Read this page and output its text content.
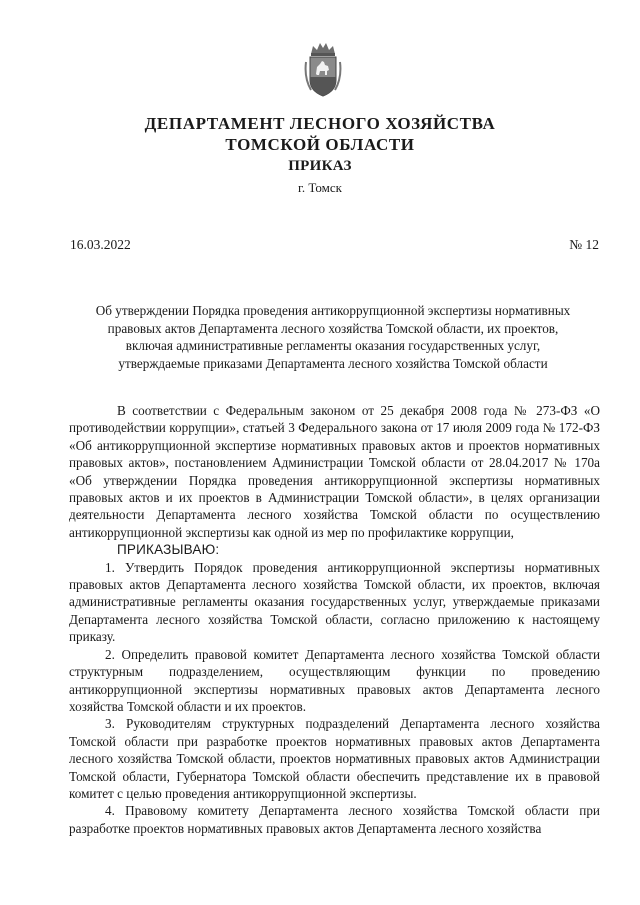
ДЕПАРТАМЕНТ ЛЕСНОГО ХОЗЯЙСТВА
ТОМСКОЙ ОБЛАСТИ
ПРИКАЗ
г. Томск
16.03.2022	№ 12
Об утверждении Порядка проведения антикоррупционной экспертизы нормативных
правовых актов Департамента лесного хозяйства Томской области, их проектов,
включая административные регламенты оказания государственных услуг,
утверждаемые приказами Департамента лесного хозяйства Томской области

В соответствии с Федеральным законом от 25 декабря 2008 года № 273-ФЗ «О противодействии коррупции», статьей 3 Федерального закона от 17 июля 2009 года № 172-ФЗ «Об антикоррупционной экспертизе нормативных правовых актов и проектов нормативных правовых актов», постановлением Администрации Томской области от 28.04.2017 № 170а «Об утверждении Порядка проведения антикоррупционной экспертизы нормативных правовых актов и их проектов в Администрации Томской области», в целях организации деятельности Департамента лесного хозяйства Томской области по осуществлению антикоррупционной экспертизы как одной из мер по профилактике коррупции,

ПРИКАЗЫВАЮ:

1. Утвердить Порядок проведения антикоррупционной экспертизы нормативных правовых актов Департамента лесного хозяйства Томской области, их проектов, включая административные регламенты оказания государственных услуг, утверждаемые приказами Департамента лесного хозяйства Томской области, согласно приложению к настоящему приказу.

2. Определить правовой комитет Департамента лесного хозяйства Томской области структурным подразделением, осуществляющим функции по проведению антикоррупционной экспертизы нормативных правовых актов Департамента лесного хозяйства Томской области и их проектов.

3. Руководителям структурных подразделений Департамента лесного хозяйства Томской области при разработке проектов нормативных правовых актов Департамента лесного хозяйства Томской области, проектов нормативных правовых актов Администрации Томской области, Губернатора Томской области обеспечить представление их в правовой комитет с целью проведения антикоррупционной экспертизы.

4. Правовому комитету Департамента лесного хозяйства Томской области при разработке проектов нормативных правовых актов Департамента лесного хозяйства
